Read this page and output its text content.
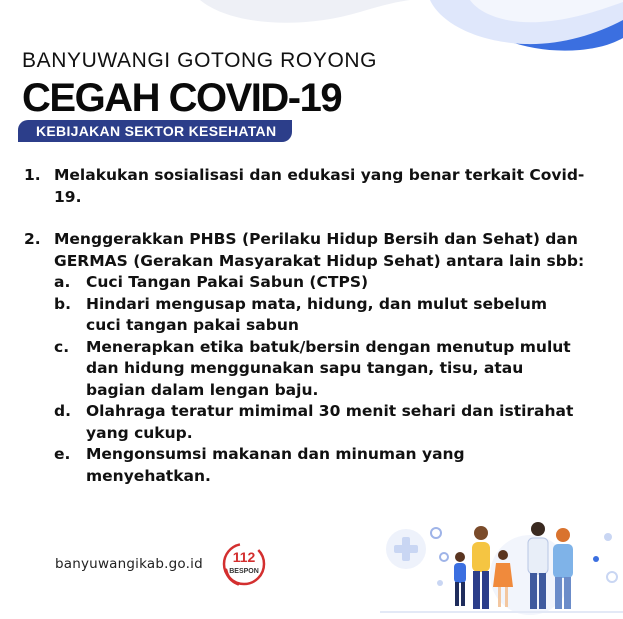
BANYUWANGI GOTONG ROYONG
CEGAH COVID-19
KEBIJAKAN SEKTOR KESEHATAN
1. Melakukan sosialisasi dan edukasi yang benar terkait Covid-19.
2. Menggerakkan PHBS (Perilaku Hidup Bersih dan Sehat) dan
GERMAS (Gerakan Masyarakat Hidup Sehat) antara lain sbb:
a.	Cuci Tangan Pakai Sabun (CTPS)
b. Hindari mengusap mata, hidung, dan mulut sebelum
cuci tangan pakai sabun
c.	Menerapkan etika batuk/bersin dengan menutup mulut
dan hidung menggunakan sapu tangan, tisu, atau
bagian dalam lengan baju.
d. Olahraga teratur mimimal 30 menit sehari dan istirahat
yang cukup.
e.	Mengonsumsi makanan dan minuman yang
menyehatkan.
banyuwangikab.go.id 112
BESPON
